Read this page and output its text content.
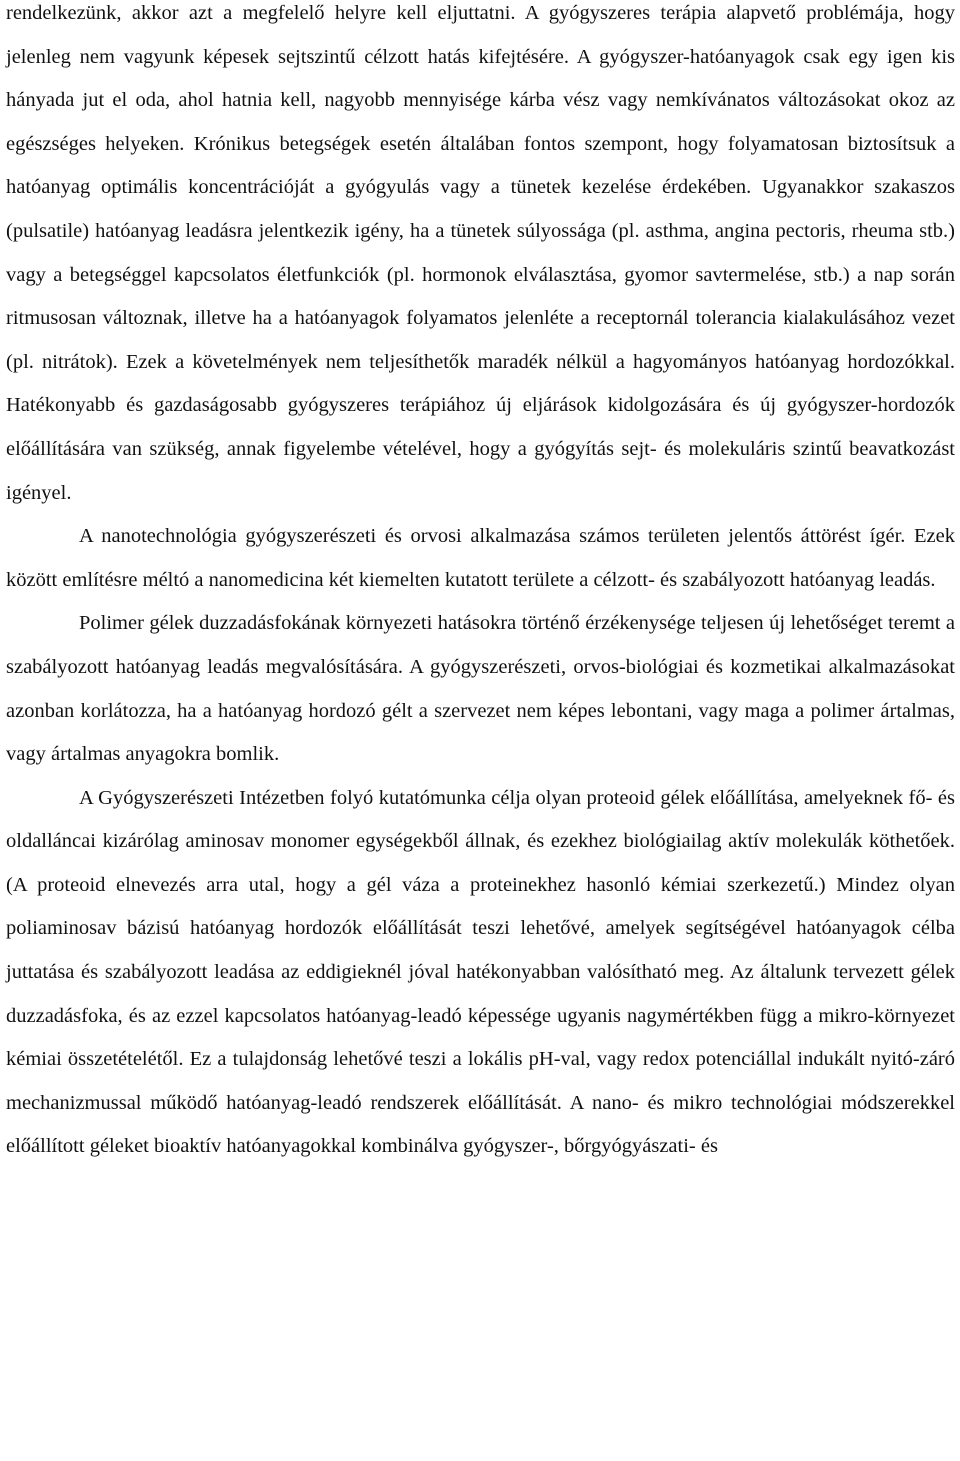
rendelkezünk, akkor azt a megfelelő helyre kell eljuttatni. A gyógyszeres terápia alapvető problémája, hogy jelenleg nem vagyunk képesek sejtszintű célzott hatás kifejtésére. A gyógyszer-hatóanyagok csak egy igen kis hányada jut el oda, ahol hatnia kell, nagyobb mennyisége kárba vész vagy nemkívánatos változásokat okoz az egészséges helyeken. Krónikus betegségek esetén általában fontos szempont, hogy folyamatosan biztosítsuk a hatóanyag optimális koncentrációját a gyógyulás vagy a tünetek kezelése érdekében. Ugyanakkor szakaszos (pulsatile) hatóanyag leadásra jelentkezik igény, ha a tünetek súlyossága (pl. asthma, angina pectoris, rheuma stb.) vagy a betegséggel kapcsolatos életfunkciók (pl. hormonok elválasztása, gyomor savtermelése, stb.) a nap során ritmusosan változnak, illetve ha a hatóanyagok folyamatos jelenléte a receptornál tolerancia kialakulásához vezet (pl. nitrátok). Ezek a követelmények nem teljesíthetők maradék nélkül a hagyományos hatóanyag hordozókkal. Hatékonyabb és gazdaságosabb gyógyszeres terápiához új eljárások kidolgozására és új gyógyszer-hordozók előállítására van szükség, annak figyelembe vételével, hogy a gyógyítás sejt- és molekuláris szintű beavatkozást igényel.

A nanotechnológia gyógyszerészeti és orvosi alkalmazása számos területen jelentős áttörést ígér. Ezek között említésre méltó a nanomedicina két kiemelten kutatott területe a célzott- és szabályozott hatóanyag leadás.

Polimer gélek duzzadásfokának környezeti hatásokra történő érzékenysége teljesen új lehetőséget teremt a szabályozott hatóanyag leadás megvalósítására. A gyógyszerészeti, orvos-biológiai és kozmetikai alkalmazásokat azonban korlátozza, ha a hatóanyag hordozó gélt a szervezet nem képes lebontani, vagy maga a polimer ártalmas, vagy ártalmas anyagokra bomlik.

A Gyógyszerészeti Intézetben folyó kutatómunka célja olyan proteoid gélek előállítása, amelyeknek fő- és oldalláncai kizárólag aminosav monomer egységekből állnak, és ezekhez biológiailag aktív molekulák köthetőek. (A proteoid elnevezés arra utal, hogy a gél váza a proteinekhez hasonló kémiai szerkezetű.) Mindez olyan poliaminosav bázisú hatóanyag hordozók előállítását teszi lehetővé, amelyek segítségével hatóanyagok célba juttatása és szabályozott leadása az eddigieknél jóval hatékonyabban valósítható meg. Az általunk tervezett gélek duzzadásfoka, és az ezzel kapcsolatos hatóanyag-leadó képessége ugyanis nagymértékben függ a mikro-környezet kémiai összetételétől. Ez a tulajdonság lehetővé teszi a lokális pH-val, vagy redox potenciállal indukált nyitó-záró mechanizmussal működő hatóanyag-leadó rendszerek előállítását. A nano- és mikro technológiai módszerekkel előállított géleket bioaktív hatóanyagokkal kombinálva gyógyszer-, bőrgyógyászati- és
